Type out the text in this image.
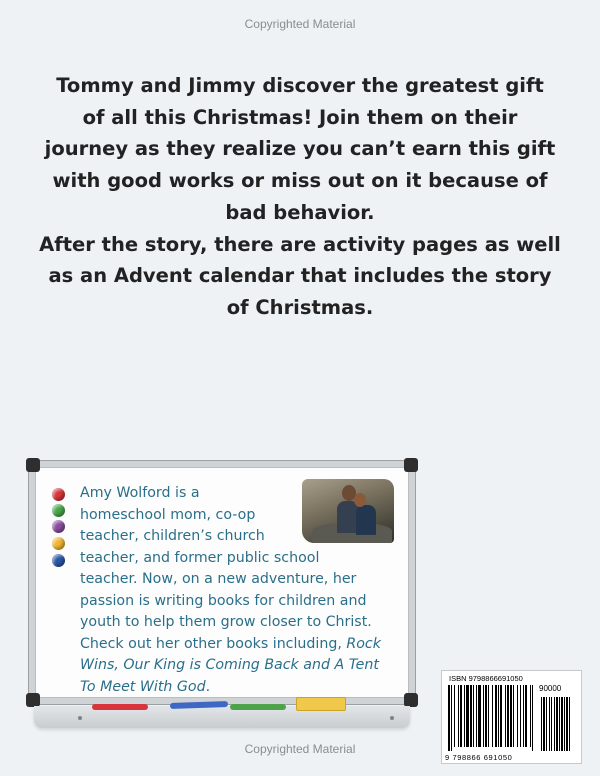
Copyrighted Material

Tommy and Jimmy discover the greatest gift

of all this Christmas! Join them on their

journey as they realize you can’t earn this gift

with good works or miss out on it because of

bad behavior.

After the story, there are activity pages as well

as an Advent calendar that includes the story

of Christmas.

Amy Wolford is a
homeschool mom, co-op
teacher, children’s church
teacher, and former public school
teacher. Now, on a new adventure, her
passion is writing books for children and
youth to help them grow closer to Christ.
Check out her other books including, Rock
Wins, Our King is Coming Back and A Tent
To Meet With God.	ISBN 9798866691050
90000
9 798866 691050
Copyrighted Material
